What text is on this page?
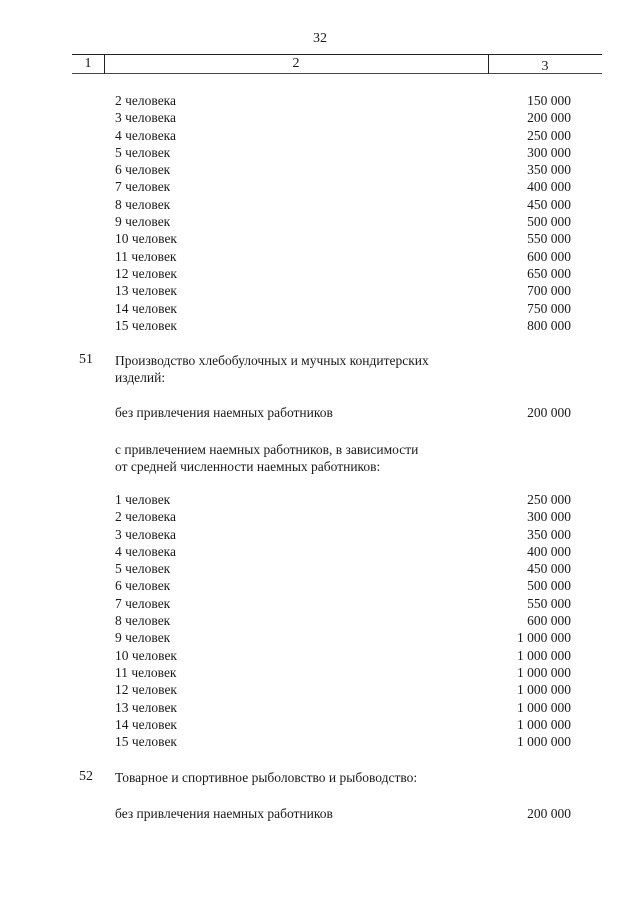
32
1	2	3
2 человека	150 000
3 человека	200 000
4 человека	250 000
5 человек	300 000
6 человек	350 000
7 человек	400 000
8 человек	450 000
9 человек	500 000
10 человек	550 000
11 человек	600 000
12 человек	650 000
13 человек	700 000
14 человек	750 000
15 человек	800 000
51 Производство хлебобулочных и мучных кондитерских
изделий:
без привлечения наемных работников	200 000
с привлечением наемных работников, в зависимости
от средней численности наемных работников:
1 человек	250 000
2 человека	300 000
3 человека	350 000
4 человека	400 000
5 человек	450 000
6 человек	500 000
7 человек	550 000
8 человек	600 000
9 человек	1 000 000
10 человек	1 000 000
11 человек	1 000 000
12 человек	1 000 000
13 человек	1 000 000
14 человек	1 000 000
15 человек	1 000 000
52 Товарное и спортивное рыболовство и рыбоводство:
без привлечения наемных работников	200 000
